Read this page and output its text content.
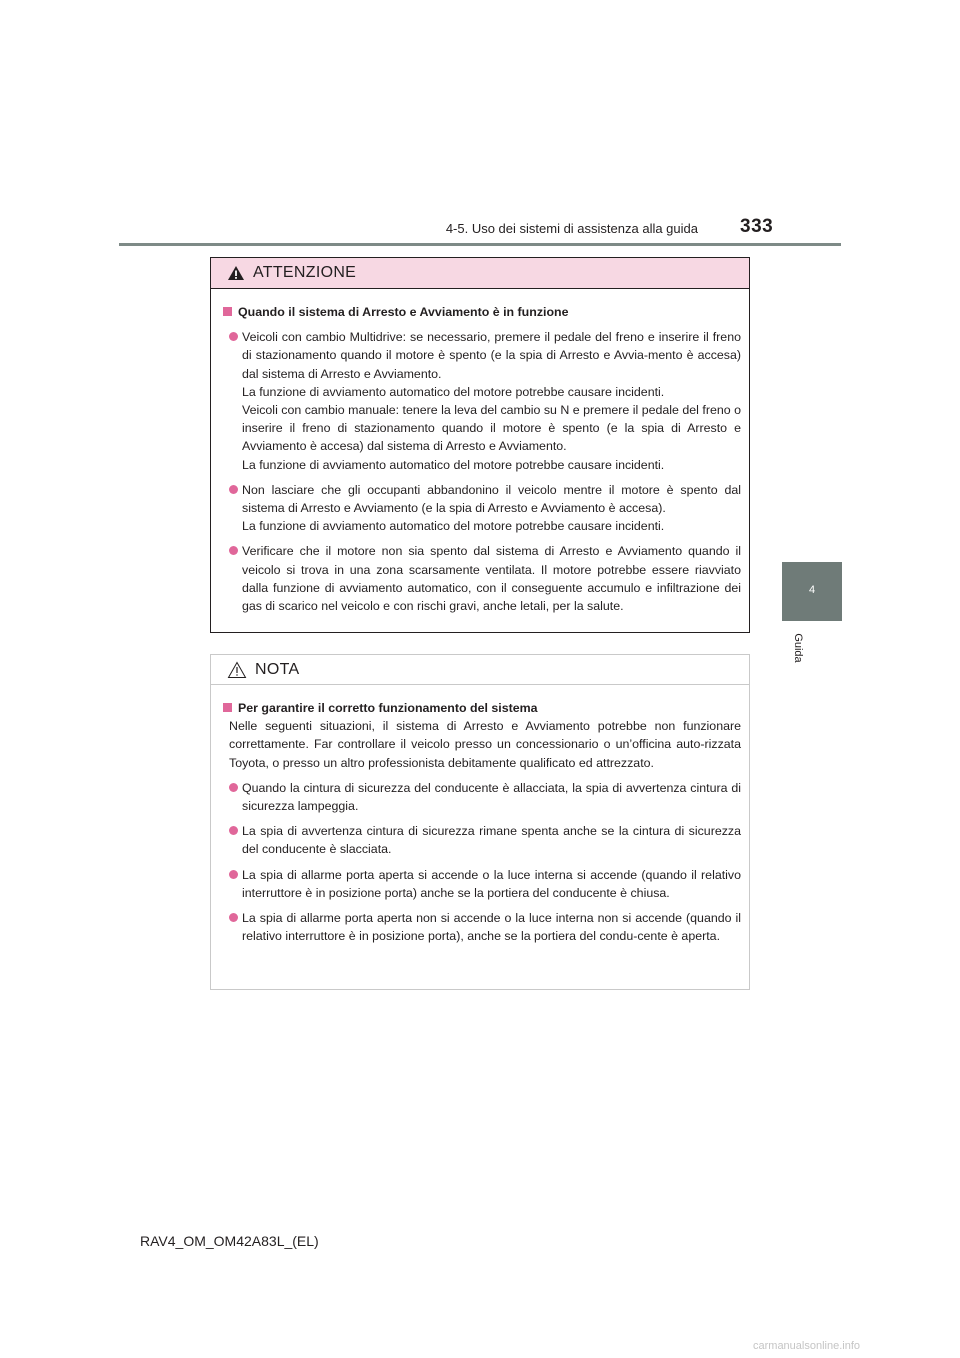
4-5. Uso dei sistemi di assistenza alla guida 333
4
Guida
ATTENZIONE
Quando il sistema di Arresto e Avviamento è in funzione
Veicoli con cambio Multidrive: se necessario, premere il pedale del freno e inserire il freno di stazionamento quando il motore è spento (e la spia di Arresto e Avvia-mento è accesa) dal sistema di Arresto e Avviamento.
La funzione di avviamento automatico del motore potrebbe causare incidenti.
Veicoli con cambio manuale: tenere la leva del cambio su N e premere il pedale del freno o inserire il freno di stazionamento quando il motore è spento (e la spia di Arresto e Avviamento è accesa) dal sistema di Arresto e Avviamento.
La funzione di avviamento automatico del motore potrebbe causare incidenti.
Non lasciare che gli occupanti abbandonino il veicolo mentre il motore è spento dal sistema di Arresto e Avviamento (e la spia di Arresto e Avviamento è accesa).
La funzione di avviamento automatico del motore potrebbe causare incidenti.
Verificare che il motore non sia spento dal sistema di Arresto e Avviamento quando il veicolo si trova in una zona scarsamente ventilata. Il motore potrebbe essere riavviato dalla funzione di avviamento automatico, con il conseguente accumulo e infiltrazione dei gas di scarico nel veicolo e con rischi gravi, anche letali, per la salute.
NOTA
Per garantire il corretto funzionamento del sistema
Nelle seguenti situazioni, il sistema di Arresto e Avviamento potrebbe non funzionare correttamente. Far controllare il veicolo presso un concessionario o un’officina auto-rizzata Toyota, o presso un altro professionista debitamente qualificato ed attrezzato.
Quando la cintura di sicurezza del conducente è allacciata, la spia di avvertenza cintura di sicurezza lampeggia.
La spia di avvertenza cintura di sicurezza rimane spenta anche se la cintura di sicurezza del conducente è slacciata.
La spia di allarme porta aperta si accende o la luce interna si accende (quando il relativo interruttore è in posizione porta) anche se la portiera del conducente è chiusa.
La spia di allarme porta aperta non si accende o la luce interna non si accende (quando il relativo interruttore è in posizione porta), anche se la portiera del condu-cente è aperta.
RAV4_OM_OM42A83L_(EL)
carmanualsonline.info
